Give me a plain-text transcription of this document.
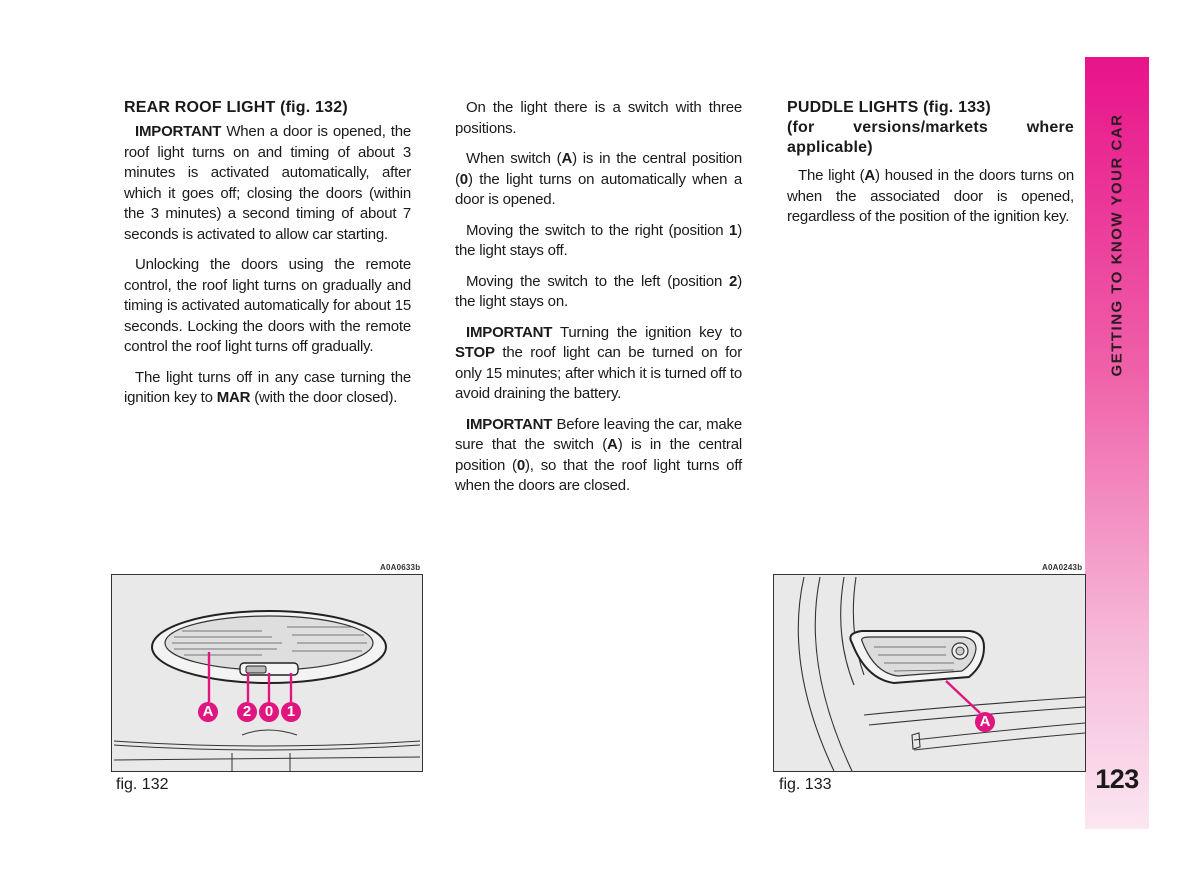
REAR ROOF LIGHT (fig. 132)

IMPORTANT When a door is opened, the roof light turns on and timing of about 3 minutes is activated automatically, after which it goes off; closing the doors (within the 3 minutes) a second timing of about 7 seconds is activated to allow car starting.

Unlocking the doors using the remote control, the roof light turns on gradually and timing is activated automatically for about 15 seconds. Locking the doors with the remote control the roof light turns off gradually.

The light turns off in any case turning the ignition key to MAR (with the door closed).

On the light there is a switch with three positions.

When switch (A) is in the central position (0) the light turns on automatically when a door is opened.

Moving the switch to the right (position 1) the light stays off.

Moving the switch to the left (position 2) the light stays on.

IMPORTANT Turning the ignition key to STOP the roof light can be turned on for only 15 minutes; after which it is turned off to avoid draining the battery.

IMPORTANT Before leaving the car, make sure that the switch (A) is in the central position (0), so that the roof light turns off when the doors are closed.

PUDDLE LIGHTS (fig. 133)
(for versions/markets where applicable)

The light (A) housed in the doors turns on when the associated door is opened, regardless of the position of the ignition key.	GETTING TO KNOW YOUR CAR
123
A0A0633b
A	2 0 1
fig. 132
A0A0243b
A
fig. 133
